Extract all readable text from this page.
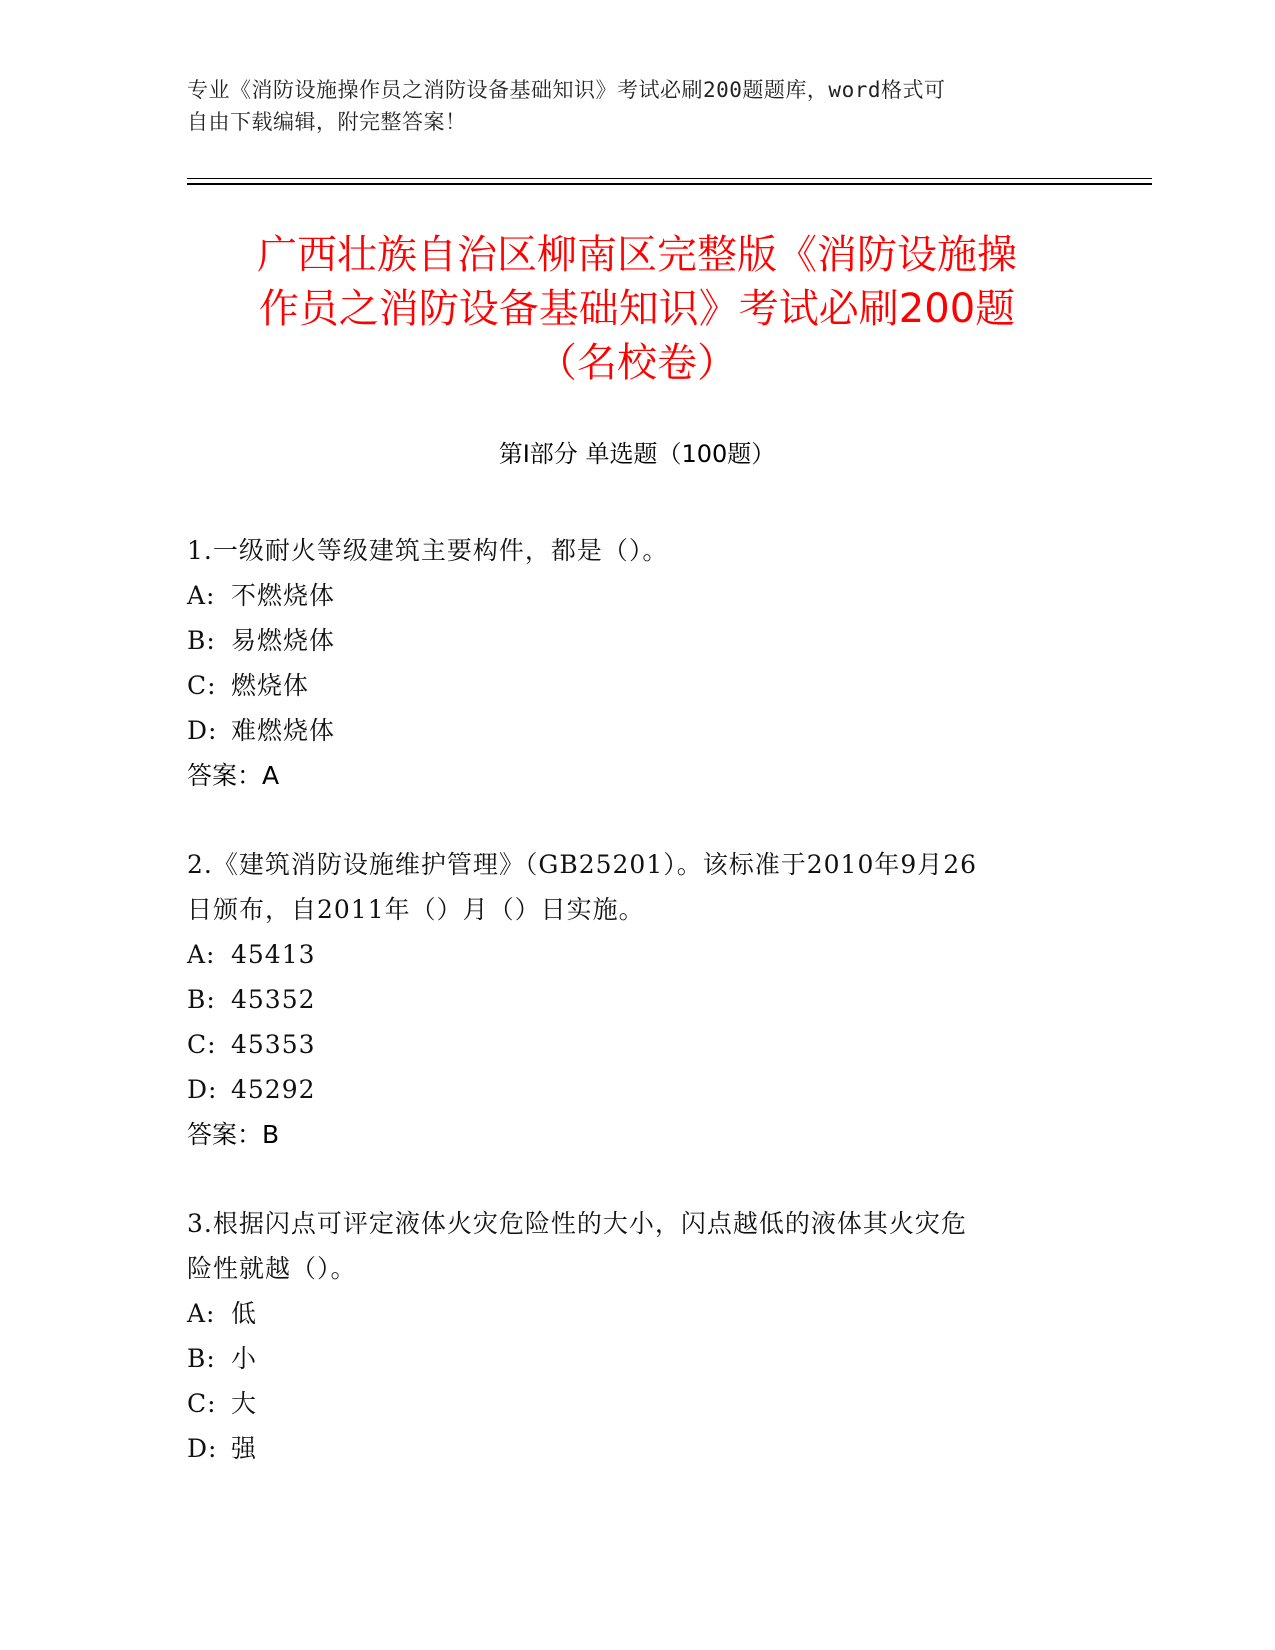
专业《消防设施操作员之消防设备基础知识》考试必刷200题题库，word格式可
自由下载编辑，附完整答案！
广西壮族自治区柳南区完整版《消防设施操
作员之消防设备基础知识》考试必刷200题
（名校卷）
第Ⅰ部分 单选题（100题）
1.一级耐火等级建筑主要构件，都是（）。
A: 不燃烧体
B: 易燃烧体
C: 燃烧体
D: 难燃烧体
答案：A
2.《建筑消防设施维护管理》（GB25201）。该标准于2010年9月26
日颁布，自2011年（）月（）日实施。
A: 45413
B: 45352
C: 45353
D: 45292
答案：B
3.根据闪点可评定液体火灾危险性的大小，闪点越低的液体其火灾危
险性就越（）。
A: 低
B: 小
C: 大
D: 强
